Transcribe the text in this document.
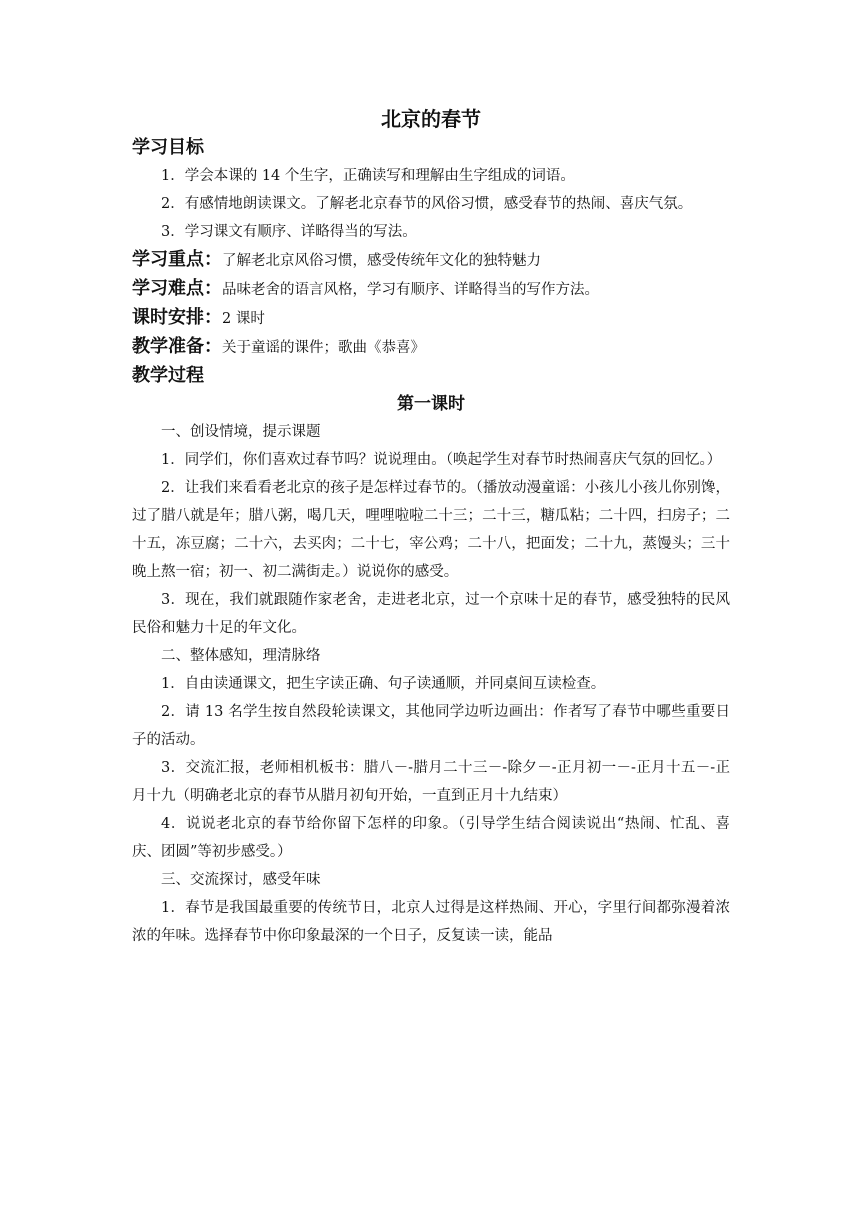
北京的春节
学习目标

1．学会本课的 14 个生字，正确读写和理解由生字组成的词语。

2．有感情地朗读课文。了解老北京春节的风俗习惯，感受春节的热闹、喜庆气氛。

3．学习课文有顺序、详略得当的写法。

学习重点：了解老北京风俗习惯，感受传统年文化的独特魅力

学习难点：品味老舍的语言风格，学习有顺序、详略得当的写作方法。

课时安排：2 课时

教学准备：关于童谣的课件；歌曲《恭喜》

教学过程
第一课时

一、创设情境，提示课题

1．同学们，你们喜欢过春节吗？说说理由。（唤起学生对春节时热闹喜庆气氛的回忆。）

2．让我们来看看老北京的孩子是怎样过春节的。（播放动漫童谣：小孩儿小孩儿你别馋，过了腊八就是年；腊八粥，喝几天，哩哩啦啦二十三；二十三，糖瓜粘；二十四，扫房子；二十五，冻豆腐；二十六，去买肉；二十七，宰公鸡；二十八，把面发；二十九，蒸馒头；三十晚上熬一宿；初一、初二满街走。）说说你的感受。

3．现在，我们就跟随作家老舍，走进老北京，过一个京味十足的春节，感受独特的民风民俗和魅力十足的年文化。

二、整体感知，理清脉络

1．自由读通课文，把生字读正确、句子读通顺，并同桌间互读检查。

2．请 13 名学生按自然段轮读课文，其他同学边听边画出：作者写了春节中哪些重要日子的活动。

3．交流汇报，老师相机板书：腊八－-腊月二十三－-除夕－-正月初一－-正月十五－-正月十九（明确老北京的春节从腊月初旬开始，一直到正月十九结束）

4．说说老北京的春节给你留下怎样的印象。（引导学生结合阅读说出“热闹、忙乱、喜庆、团圆”等初步感受。）

三、交流探讨，感受年味

1．春节是我国最重要的传统节日，北京人过得是这样热闹、开心，字里行间都弥漫着浓浓的年味。选择春节中你印象最深的一个日子，反复读一读，能品
